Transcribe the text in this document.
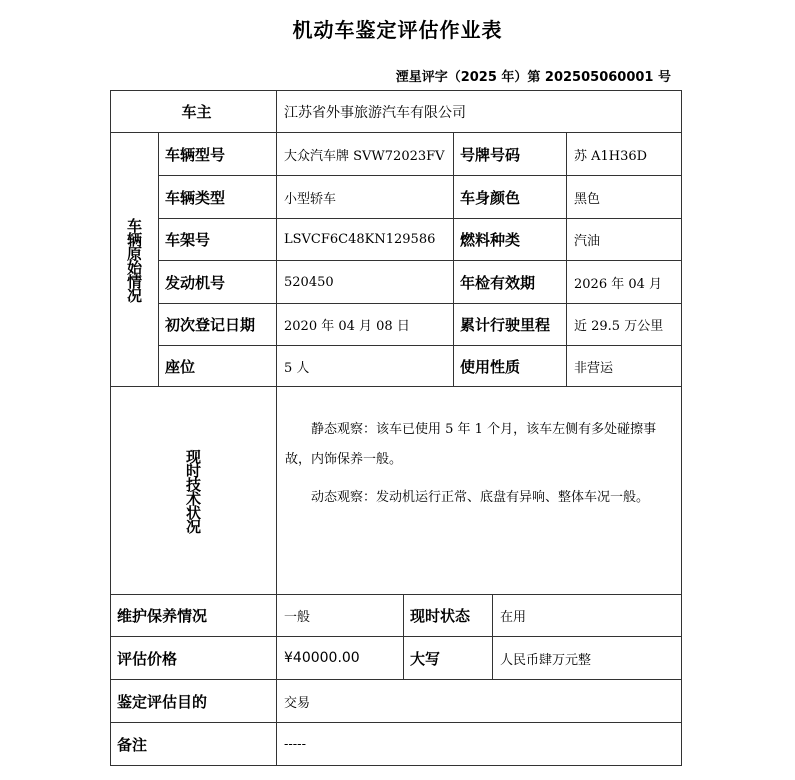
机动车鉴定评估作业表
湮星评字（2025 年）第 202505060001 号
车主	江苏省外事旅游汽车有限公司
车辆原始情况
车辆型号	大众汽车牌 SVW72023FV 号牌号码	苏 A1H36D
车辆类型	小型轿车	车身颜色	黑色
车架号	LSVCF6C48KN129586 燃料种类	汽油
发动机号	520450	年检有效期	2026 年 04 月
初次登记日期 2020 年 04 月 08 日	累计行驶里程 近 29.5 万公里
座位	5 人	使用性质	非营运
现时技术状况

静态观察：该车已使用 5 年 1 个月，该车左侧有多处碰擦事故，内饰保养一般。

动态观察：发动机运行正常、底盘有异响、整体车况一般。

维护保养情况	一般	现时状态 在用
评估价格	¥40000.00	大写	人民币肆万元整
鉴定评估目的	交易
备注	-----
